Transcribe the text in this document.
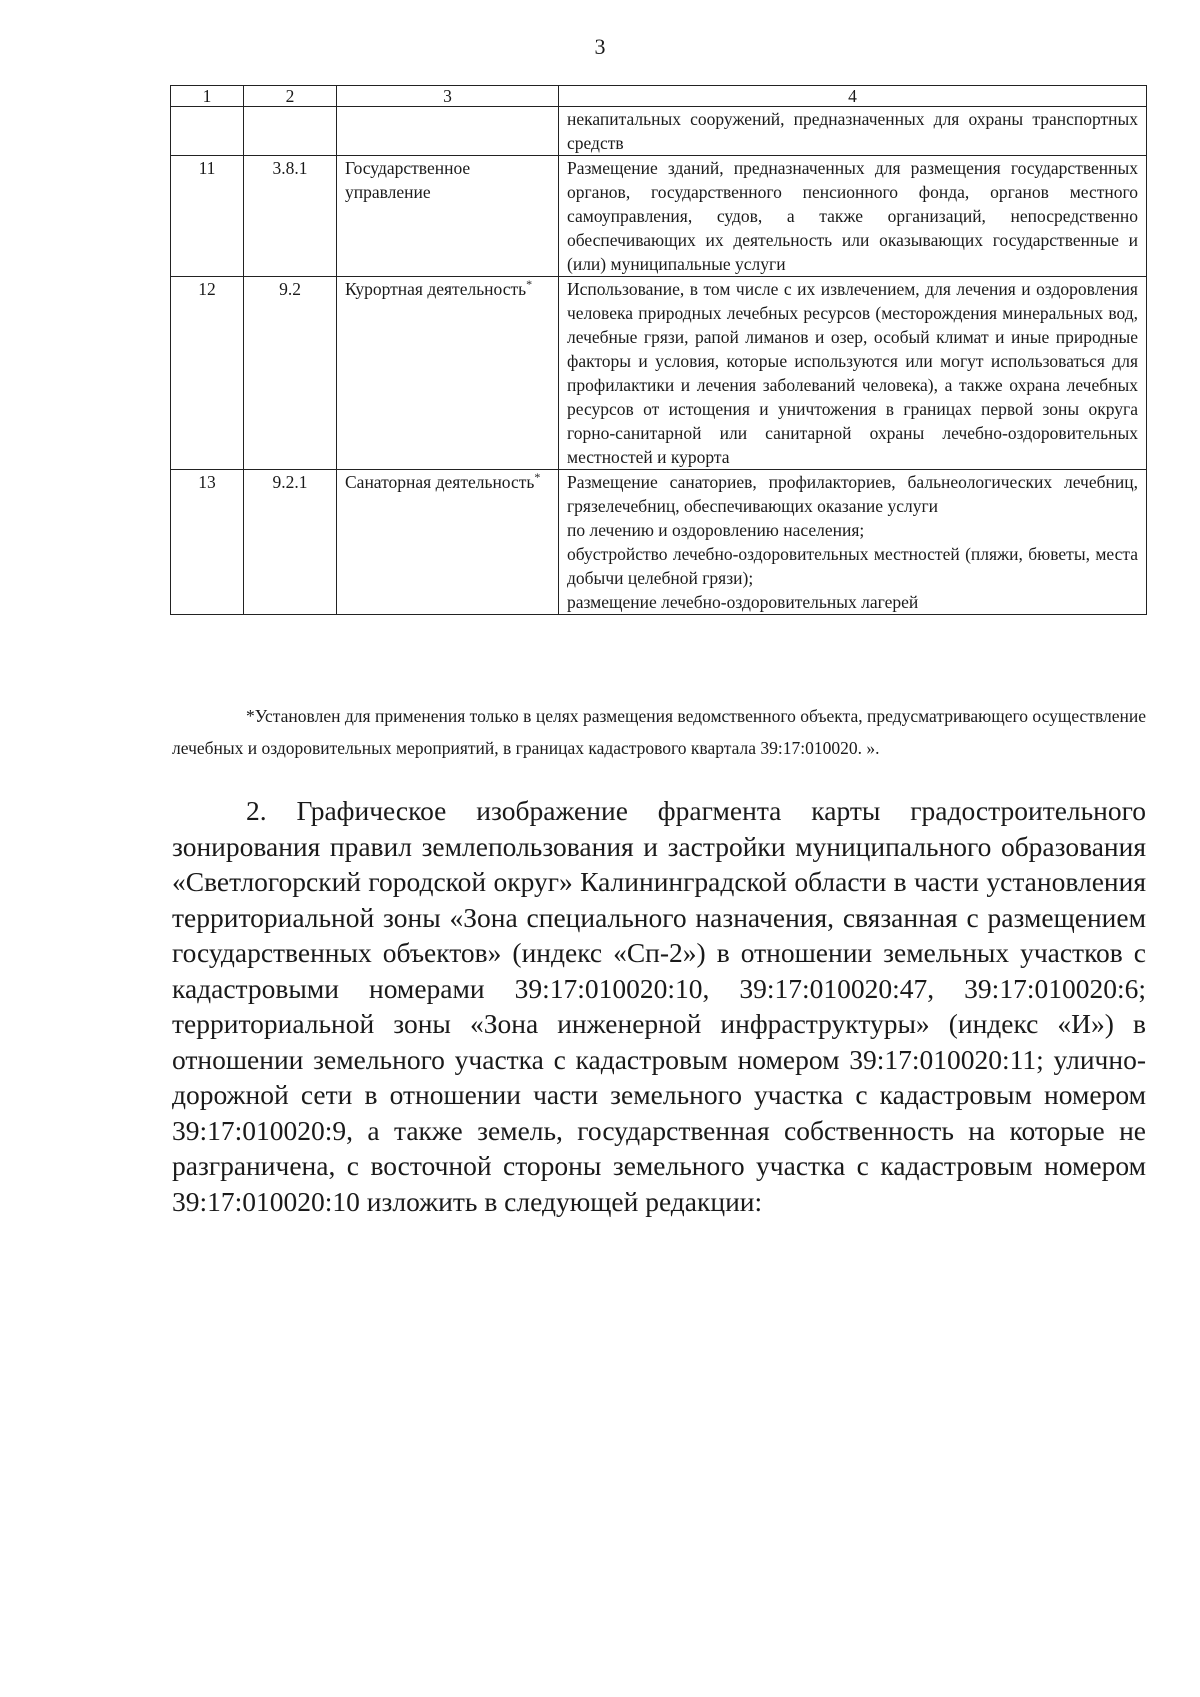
3
1	2	3	4
			некапитальных сооружений, предназначенных для охраны транспортных средств
11	3.8.1	Государственное управление	Размещение зданий, предназначенных для размещения государственных органов, государственного пенсионного фонда, органов местного самоуправления, судов, а также организаций, непосредственно обеспечивающих их деятельность или оказывающих государственные и (или) муниципальные услуги
12	9.2	Курортная деятельность*	Использование, в том числе с их извлечением, для лечения и оздоровления человека природных лечебных ресурсов (месторождения минеральных вод, лечебные грязи, рапой лиманов и озер, особый климат и иные природные факторы и условия, которые используются или могут использоваться для профилактики и лечения заболеваний человека), а также охрана лечебных ресурсов от истощения и уничтожения в границах первой зоны округа горно-санитарной или санитарной охраны лечебно-оздоровительных местностей и курорта
13	9.2.1	Санаторная деятельность*	Размещение санаториев, профилакториев, бальнеологических лечебниц, грязелечебниц, обеспечивающих оказание услуги
по лечению и оздоровлению населения;
обустройство лечебно-оздоровительных местностей (пляжи, бюветы, места добычи целебной грязи);
размещение лечебно-оздоровительных лагерей

*Установлен для применения только в целях размещения ведомственного объекта, предусматривающего осуществление лечебных и оздоровительных мероприятий, в границах кадастрового квартала 39:17:010020. ».

2. Графическое изображение фрагмента карты градостроительного зонирования правил землепользования и застройки муниципального образования «Светлогорский городской округ» Калининградской области в части установления территориальной зоны «Зона специального назначения, связанная с размещением государственных объектов» (индекс «Сп-2») в отношении земельных участков с кадастровыми номерами 39:17:010020:10, 39:17:010020:47, 39:17:010020:6; территориальной зоны «Зона инженерной инфраструктуры» (индекс «И») в отношении земельного участка с кадастровым номером 39:17:010020:11; улично-дорожной сети в отношении части земельного участка с кадастровым номером 39:17:010020:9, а также земель, государственная собственность на которые не разграничена, с восточной стороны земельного участка с кадастровым номером 39:17:010020:10 изложить в следующей редакции:
